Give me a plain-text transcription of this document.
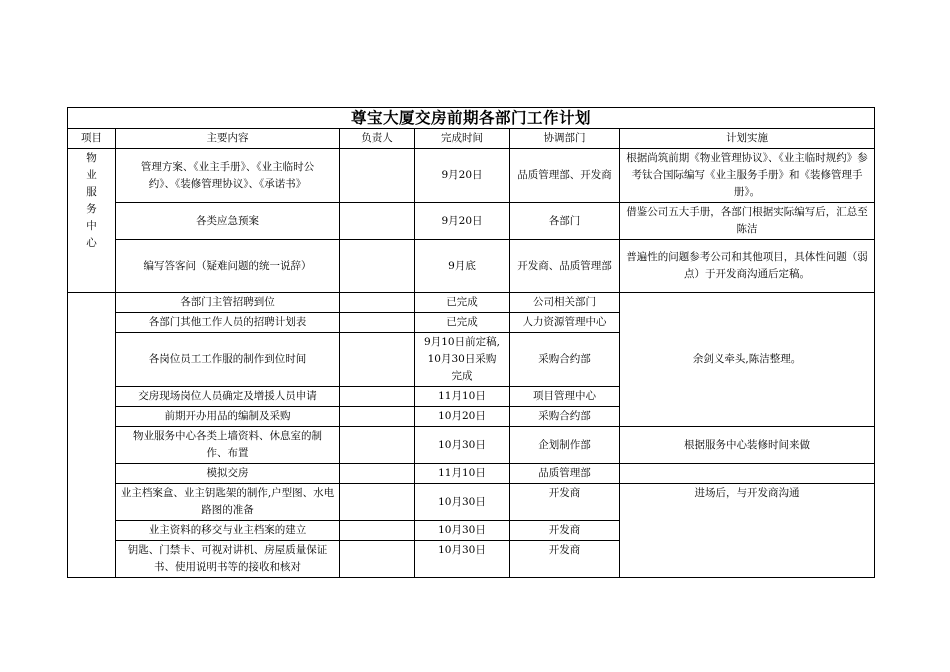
尊宝大厦交房前期各部门工作计划					
项目	主要内容	负责人	完成时间	协调部门	计划实施

物业服务中心	管理方案、《业主手册》、《业主临时公约》、《装修管理协议》、《承诺书》		9月20日	品质管理部、开发商	根据尚筑前期《物业管理协议》、《业主临时规约》参考钛合国际编写《业主服务手册》和《装修管理手册》。
	各类应急预案		9月20日	各部门	借鉴公司五大手册，各部门根据实际编写后，汇总至陈洁
	编写答客问（疑难问题的统一说辞）		9月底	开发商、品质管理部	普遍性的问题参考公司和其他项目，具体性问题（弱点）于开发商沟通后定稿。
	各部门主管招聘到位		已完成	公司相关部门	余剑义牵头,陈洁整理。
	各部门其他工作人员的招聘计划表		已完成	人力资源管理中心	
	各岗位员工工作服的制作到位时间		9月10日前定稿,10月30日采购完成	采购合约部	
	交房现场岗位人员确定及增援人员申请		11月10日	项目管理中心	
	前期开办用品的编制及采购		10月20日	采购合约部	
	物业服务中心各类上墙资料、休息室的制作、布置		10月30日	企划制作部	根据服务中心装修时间来做
	模拟交房		11月10日	品质管理部	
	业主档案盒、业主钥匙架的制作,户型图、水电路图的准备		10月30日	开发商	进场后，与开发商沟通
	业主资料的移交与业主档案的建立		10月30日	开发商	
	钥匙、门禁卡、可视对讲机、房屋质量保证书、使用说明书等的接收和核对		10月30日	开发商	
